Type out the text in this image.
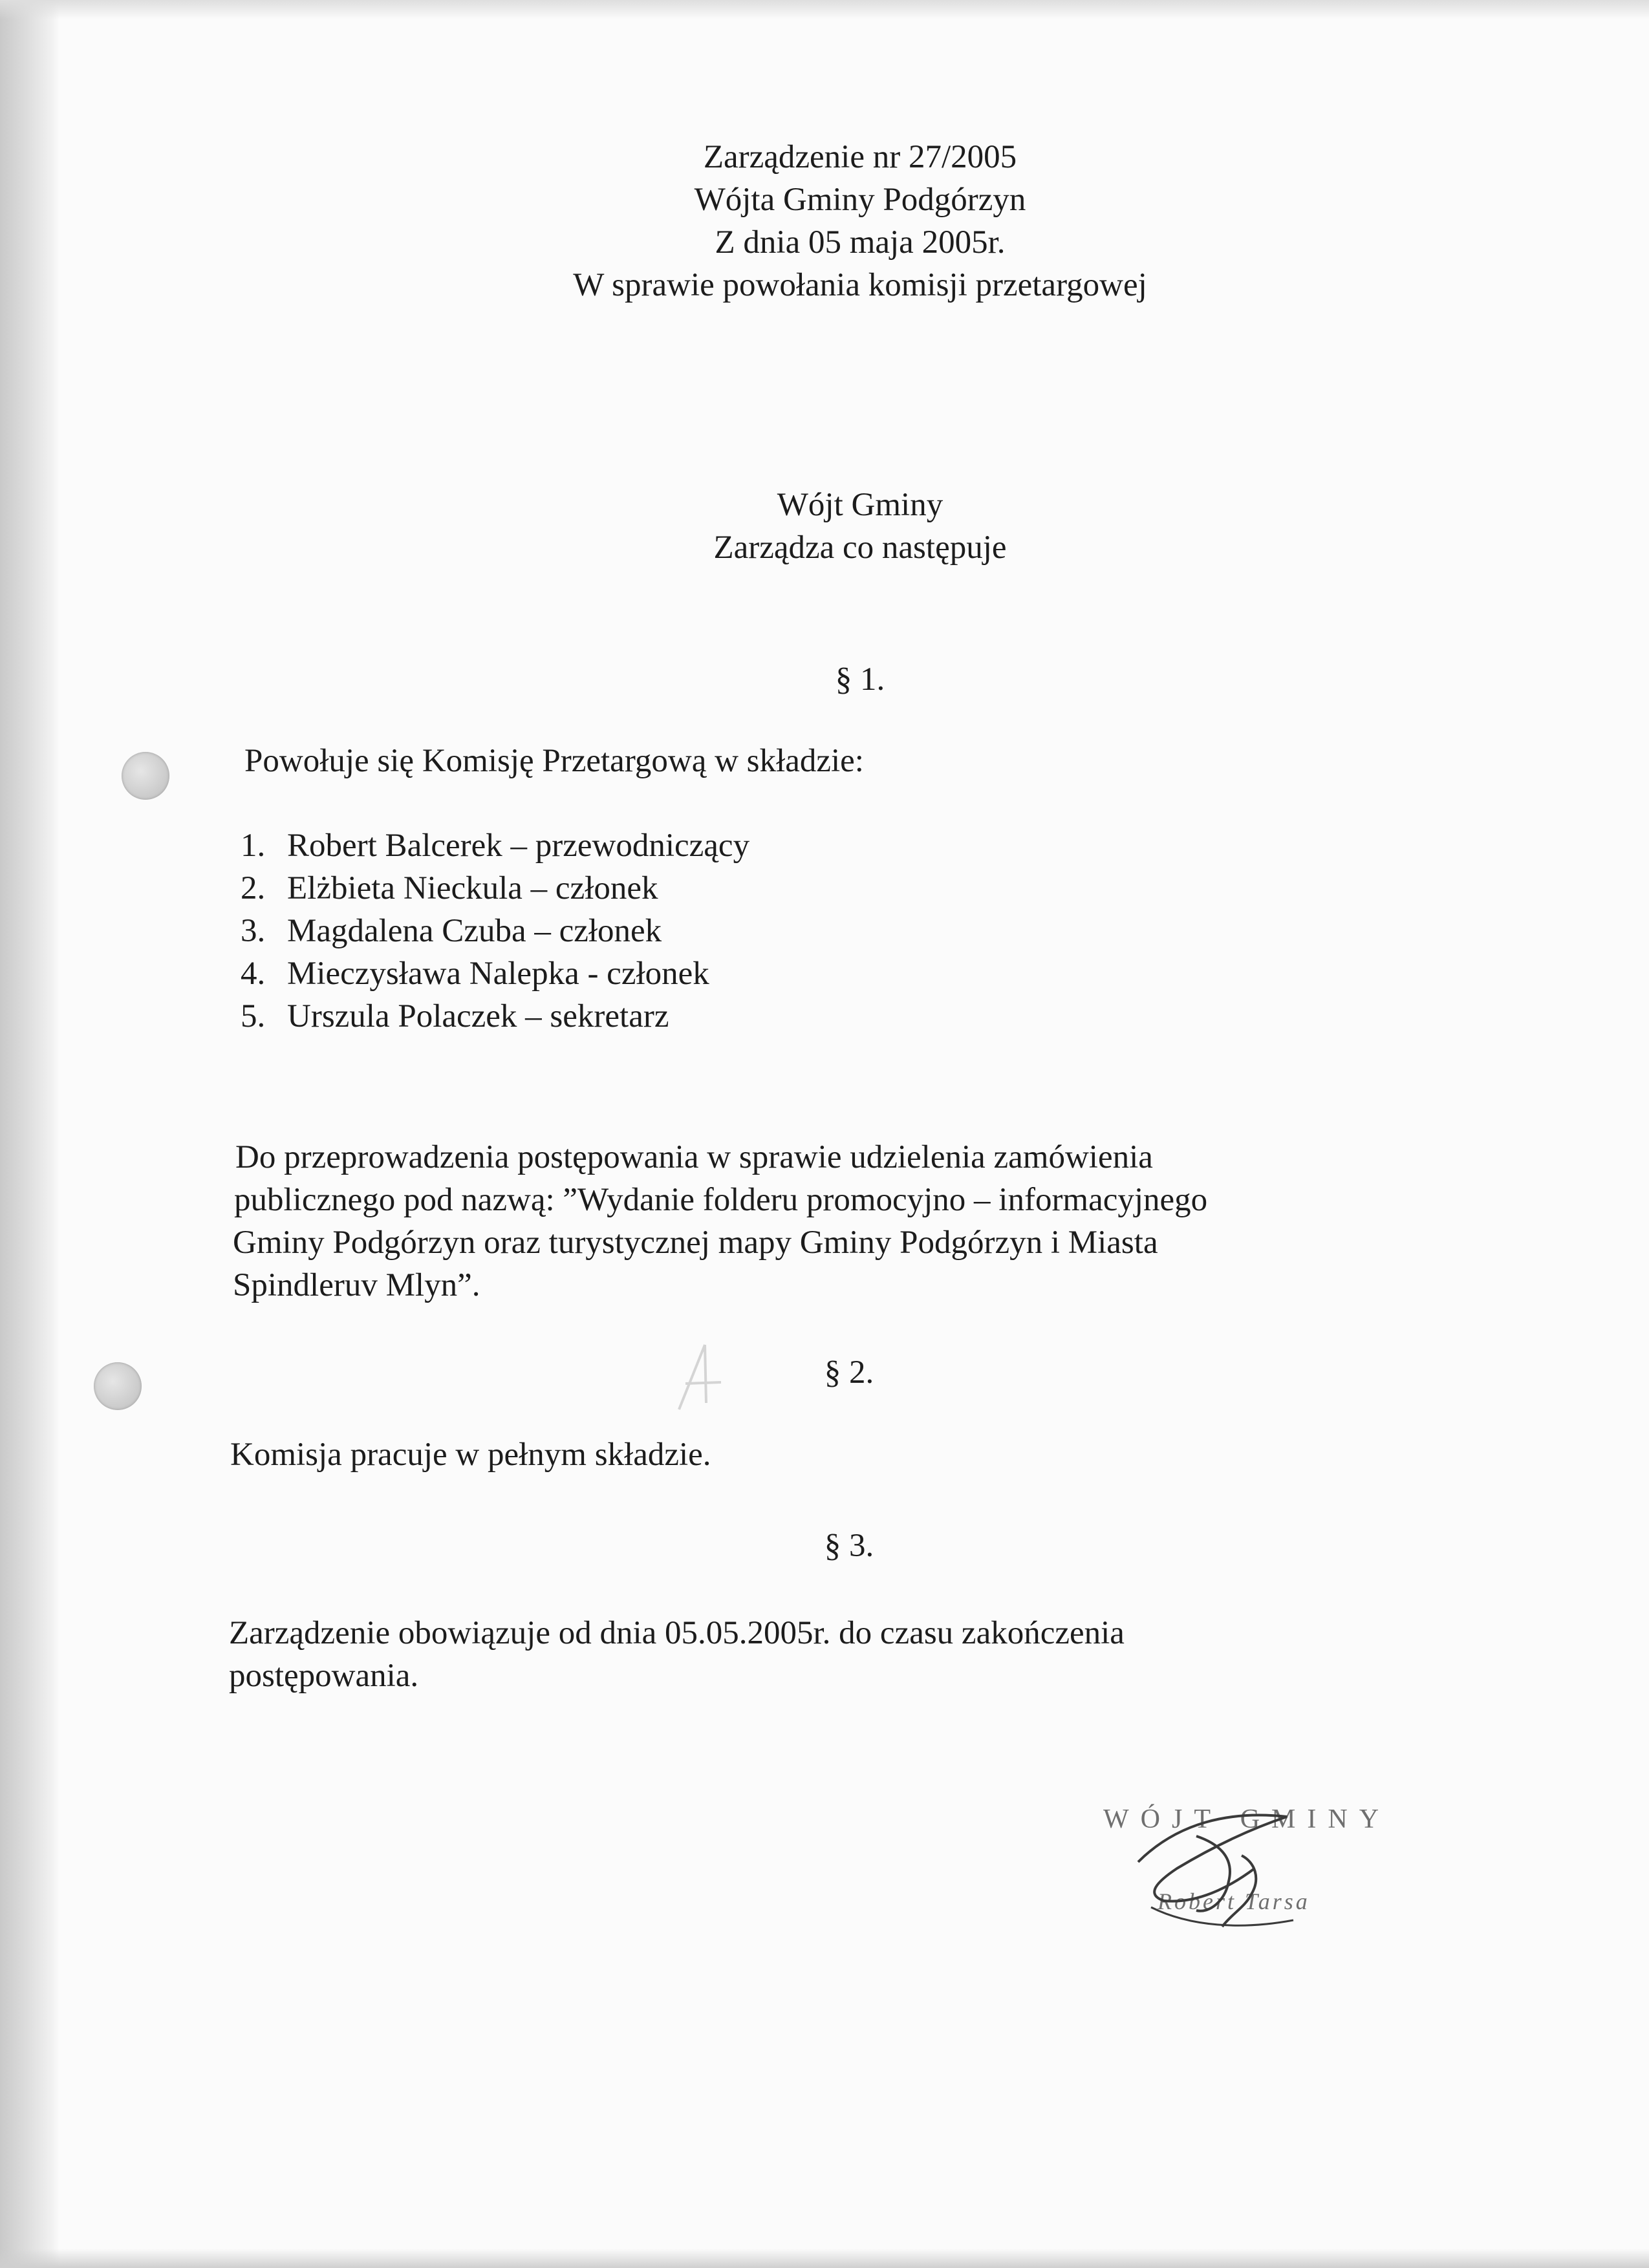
Zarządzenie nr 27/2005
Wójta Gminy Podgórzyn
Z dnia 05 maja 2005r.
W sprawie powołania komisji przetargowej
Wójt Gminy
Zarządza co następuje
§ 1.
Powołuje się Komisję Przetargową w składzie:
1. Robert Balcerek – przewodniczący
2. Elżbieta Nieckula – członek
3. Magdalena Czuba – członek
4. Mieczysława Nalepka - członek
5. Urszula Polaczek – sekretarz
Do przeprowadzenia postępowania w sprawie udzielenia zamówienia
publicznego pod nazwą: ”Wydanie folderu promocyjno – informacyjnego
Gminy Podgórzyn oraz turystycznej mapy Gminy Podgórzyn i Miasta
Spindleruv Mlyn”.
§ 2.
Komisja pracuje w pełnym składzie.
§ 3.
Zarządzenie obowiązuje od dnia 05.05.2005r. do czasu zakończenia
postępowania.
WÓJT GMINY
Robert Tarsa
